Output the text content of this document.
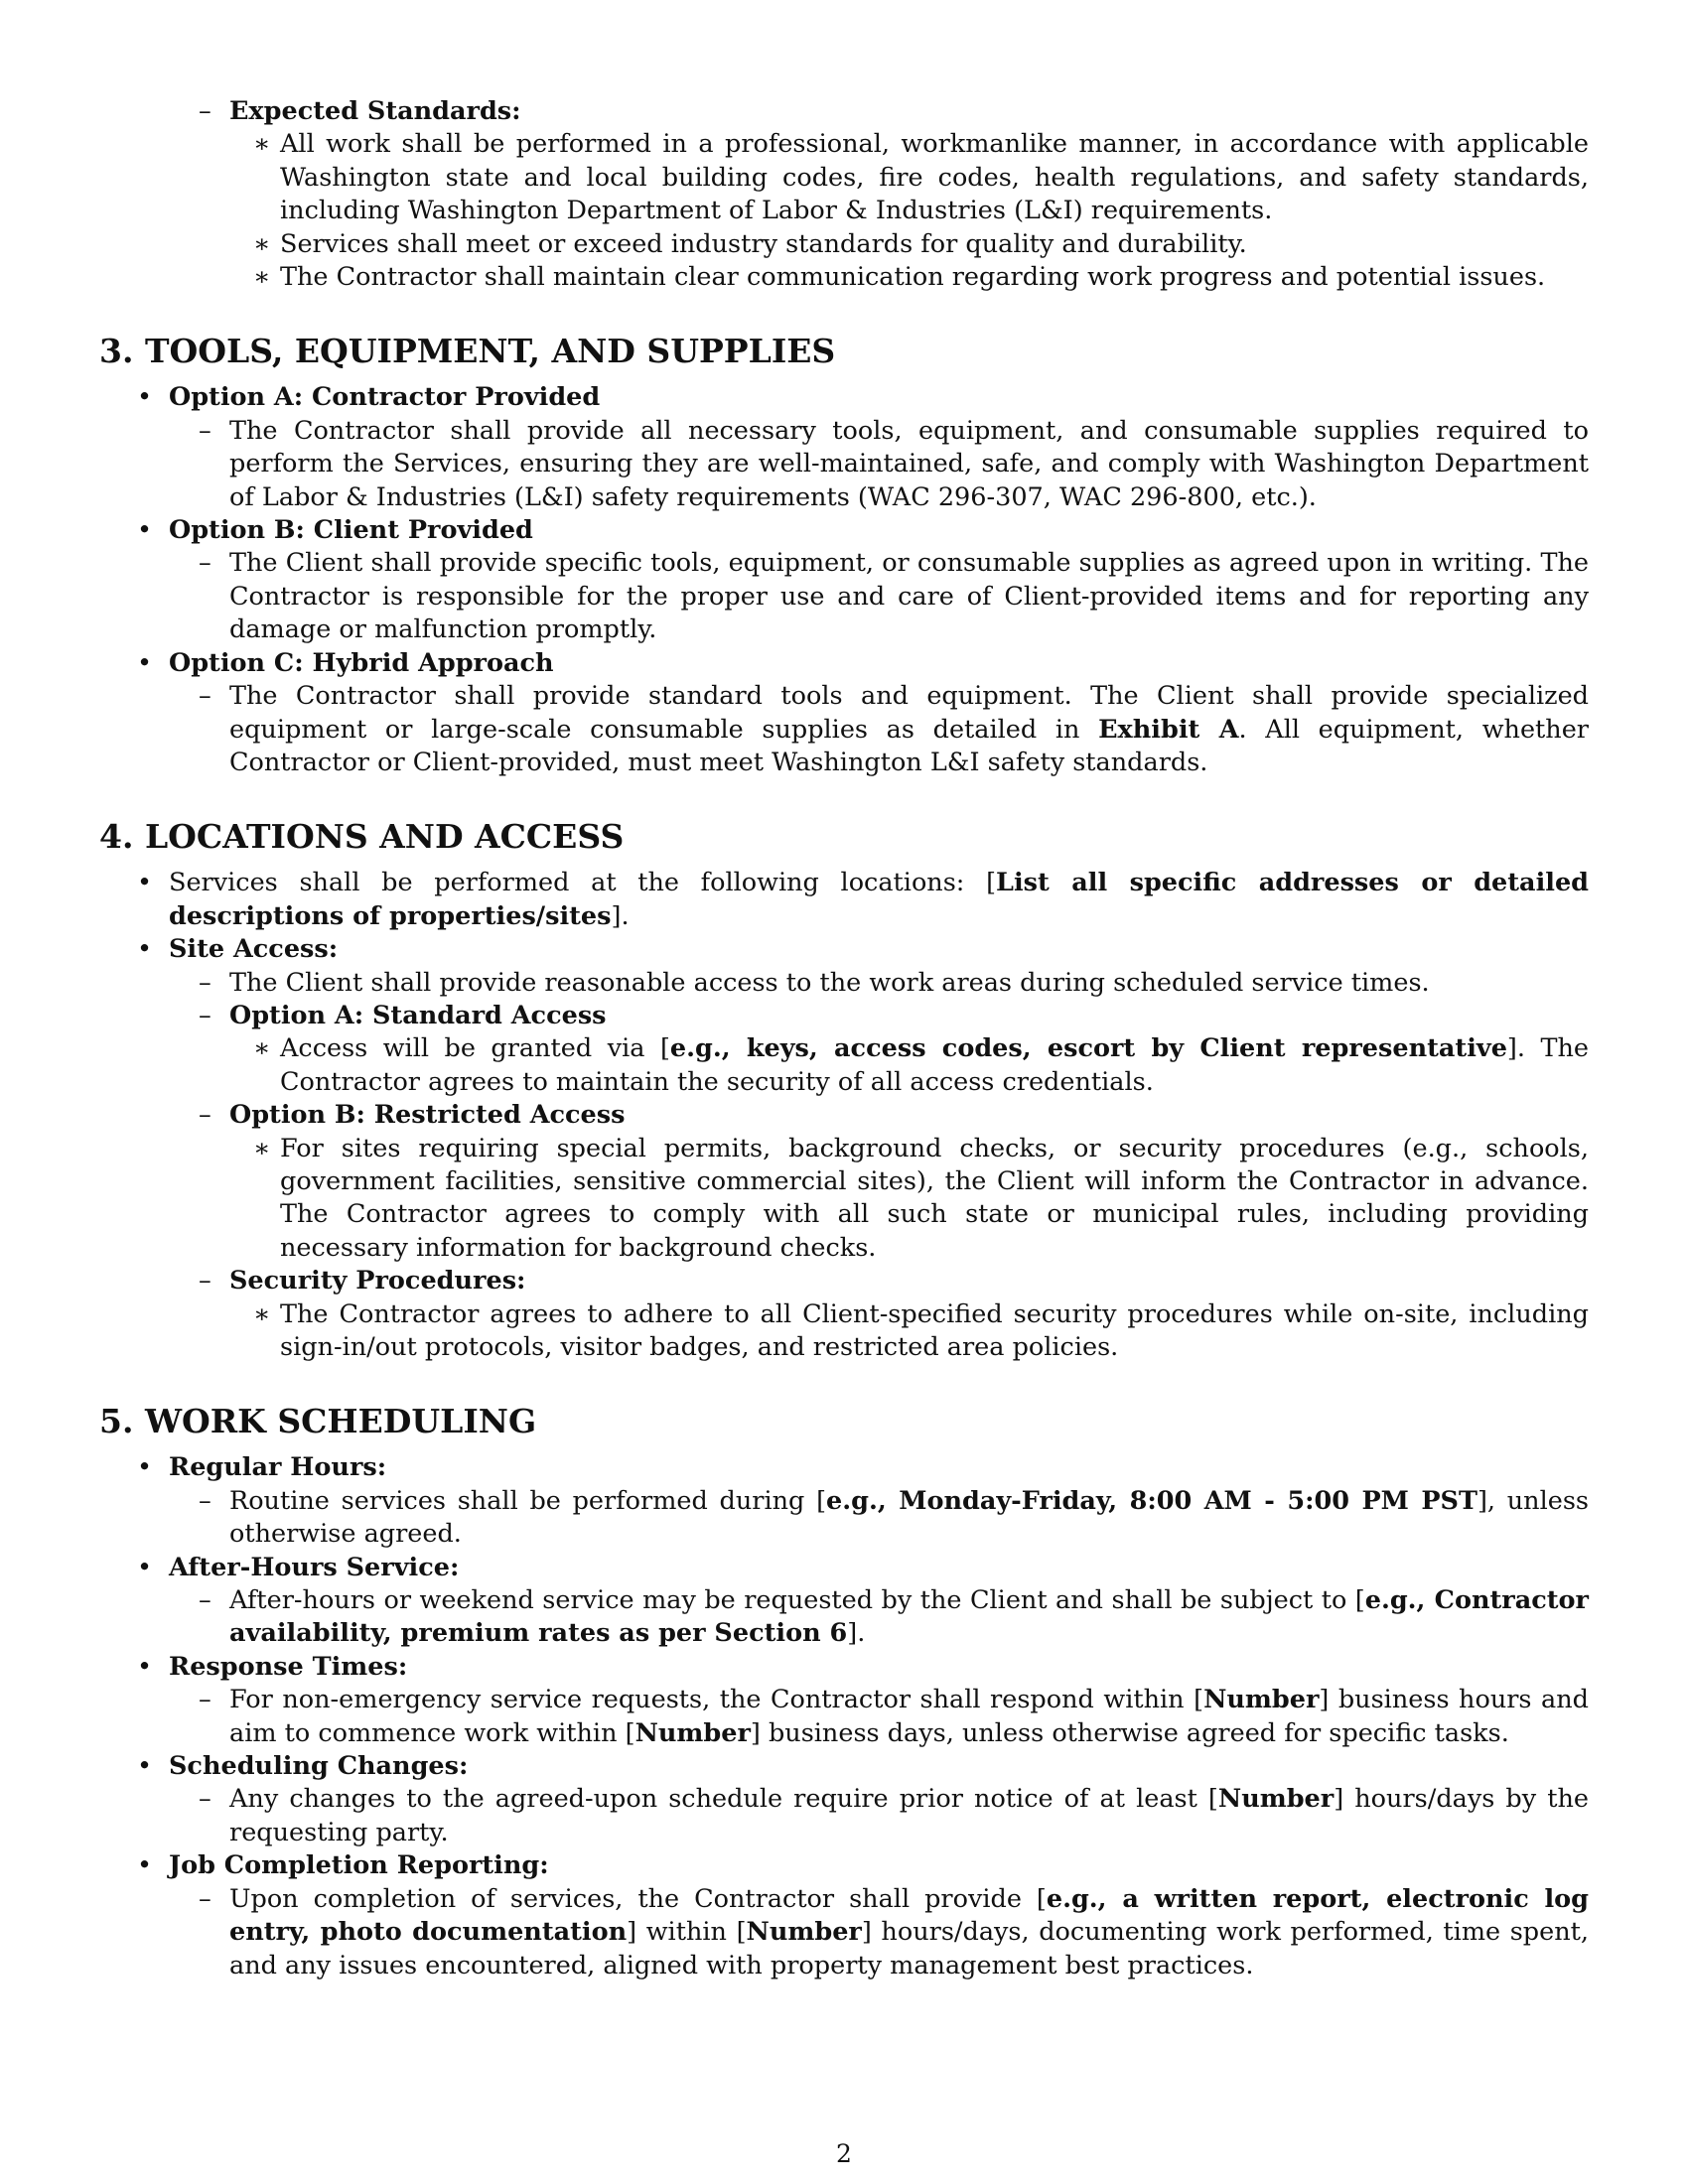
– Expected Standards:

∗ All work shall be performed in a professional, workmanlike manner, in accordance with applicable Washington state and local building codes, fire codes, health regulations, and safety standards, including Washington Department of Labor & Industries (L&I) requirements.

∗ Services shall meet or exceed industry standards for quality and durability.

∗ The Contractor shall maintain clear communication regarding work progress and potential issues.

3. TOOLS, EQUIPMENT, AND SUPPLIES

• Option A: Contractor Provided

– The Contractor shall provide all necessary tools, equipment, and consumable supplies required to perform the Services, ensuring they are well-maintained, safe, and comply with Washington Department of Labor & Industries (L&I) safety requirements (WAC 296-307, WAC 296-800, etc.).

• Option B: Client Provided

– The Client shall provide specific tools, equipment, or consumable supplies as agreed upon in writing. The Contractor is responsible for the proper use and care of Client-provided items and for reporting any damage or malfunction promptly.

• Option C: Hybrid Approach

– The Contractor shall provide standard tools and equipment. The Client shall provide specialized equipment or large-scale consumable supplies as detailed in Exhibit A. All equipment, whether Contractor or Client-provided, must meet Washington L&I safety standards.

4. LOCATIONS AND ACCESS

• Services shall be performed at the following locations: [List all specific addresses or detailed descriptions of properties/sites].

• Site Access:

– The Client shall provide reasonable access to the work areas during scheduled service times.

– Option A: Standard Access

∗ Access will be granted via [e.g., keys, access codes, escort by Client representative]. The Contractor agrees to maintain the security of all access credentials.

– Option B: Restricted Access

∗ For sites requiring special permits, background checks, or security procedures (e.g., schools, government facilities, sensitive commercial sites), the Client will inform the Contractor in advance. The Contractor agrees to comply with all such state or municipal rules, including providing necessary information for background checks.

– Security Procedures:

∗ The Contractor agrees to adhere to all Client-specified security procedures while on-site, including sign-in/out protocols, visitor badges, and restricted area policies.

5. WORK SCHEDULING

• Regular Hours:

– Routine services shall be performed during [e.g., Monday-Friday, 8:00 AM - 5:00 PM PST], unless otherwise agreed.

• After-Hours Service:

– After-hours or weekend service may be requested by the Client and shall be subject to [e.g., Contractor availability, premium rates as per Section 6].

• Response Times:

– For non-emergency service requests, the Contractor shall respond within [Number] business hours and aim to commence work within [Number] business days, unless otherwise agreed for specific tasks.

• Scheduling Changes:

– Any changes to the agreed-upon schedule require prior notice of at least [Number] hours/days by the requesting party.

• Job Completion Reporting:

– Upon completion of services, the Contractor shall provide [e.g., a written report, electronic log entry, photo documentation] within [Number] hours/days, documenting work performed, time spent, and any issues encountered, aligned with property management best practices.

2
